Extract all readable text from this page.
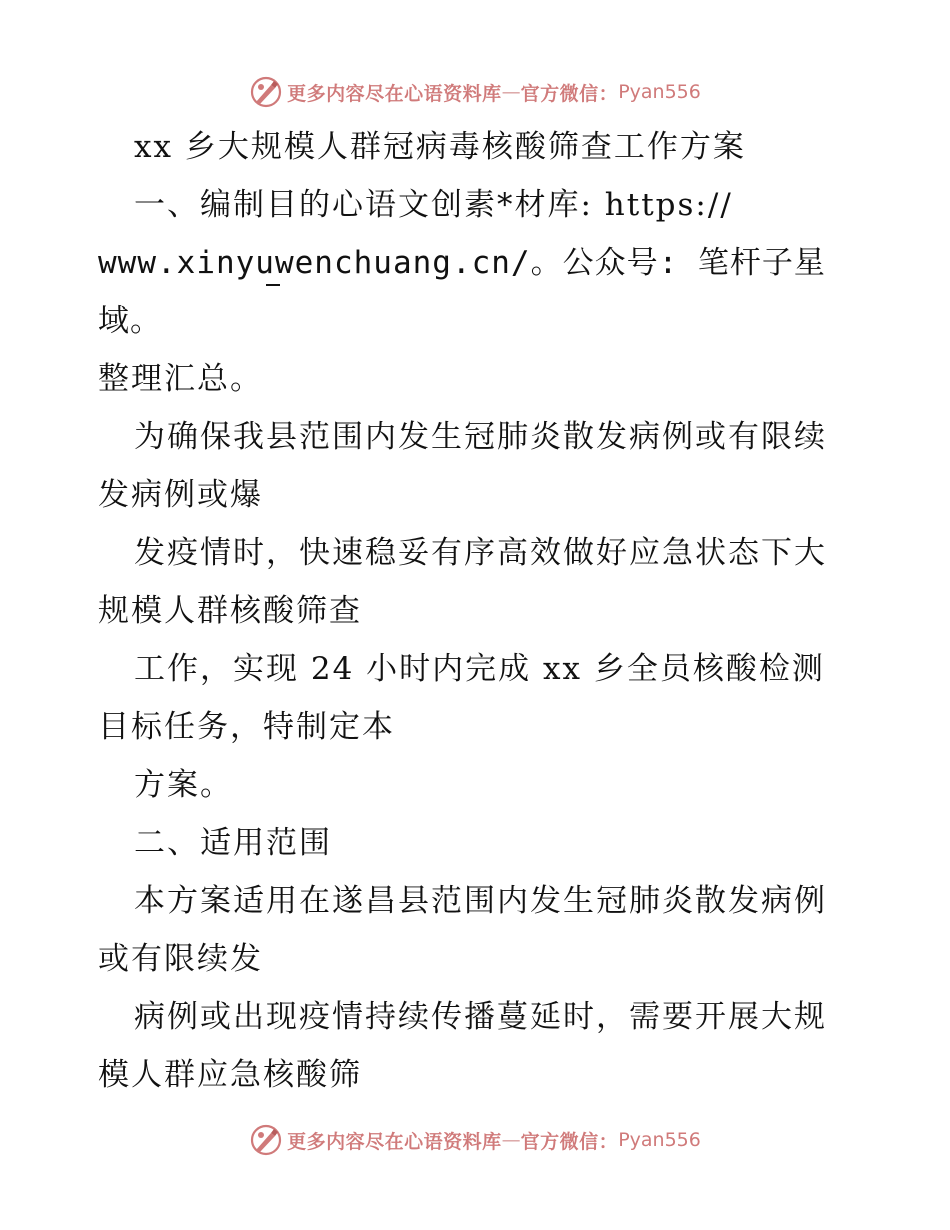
更多内容尽在心语资料库 — 官方微信： Pyan556

xx 乡大规模人群冠病毒核酸筛查工作方案

一、编制目的心语文创素*材库: https://

www.xinyuwenchuang.cn/。公众号: 笔杆子星域。

整理汇总。

为确保我县范围内发生冠肺炎散发病例或有限续

发病例或爆

发疫情时，快速稳妥有序高效做好应急状态下大

规模人群核酸筛查

工作，实现 24 小时内完成 xx 乡全员核酸检测

目标任务，特制定本

方案。

二、适用范围

本方案适用在遂昌县范围内发生冠肺炎散发病例

或有限续发

病例或出现疫情持续传播蔓延时，需要开展大规

模人群应急核酸筛

更多内容尽在心语资料库 — 官方微信： Pyan556
